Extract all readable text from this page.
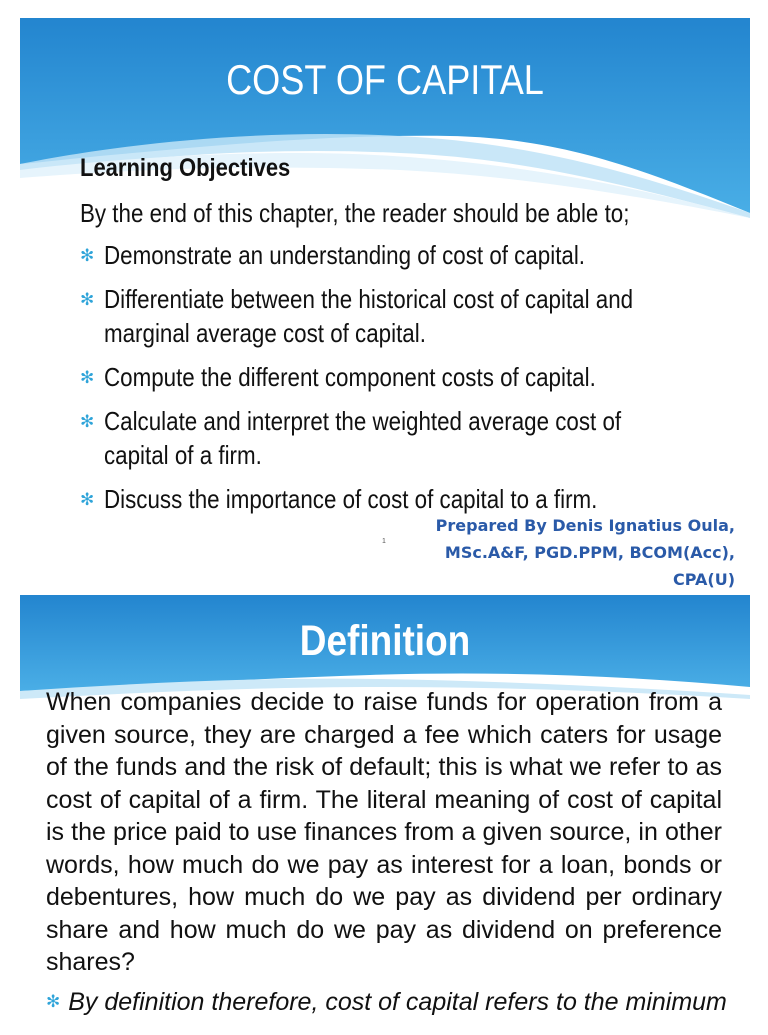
COST OF CAPITAL
Learning Objectives
By the end of this chapter, the reader should be able to;
✻ Demonstrate an understanding of cost of capital.
✻ Differentiate between the historical cost of capital and marginal average cost of capital.
✻ Compute the different component costs of capital.
✻ Calculate and interpret the weighted average cost of capital of a firm.
✻ Discuss the importance of cost of capital to a firm.
1
Prepared By Denis Ignatius Oula,
MSc.A&F, PGD.PPM, BCOM(Acc),
CPA(U)
Definition

When companies decide to raise funds for operation from a given source, they are charged a fee which caters for usage of the funds and the risk of default; this is what we refer to as cost of capital of a firm. The literal meaning of cost of capital is the price paid to use finances from a given source, in other words, how much do we pay as interest for a loan, bonds or debentures, how much do we pay as dividend per ordinary share and how much do we pay as dividend on preference shares?

✻ By definition therefore, cost of capital refers to the minimum
